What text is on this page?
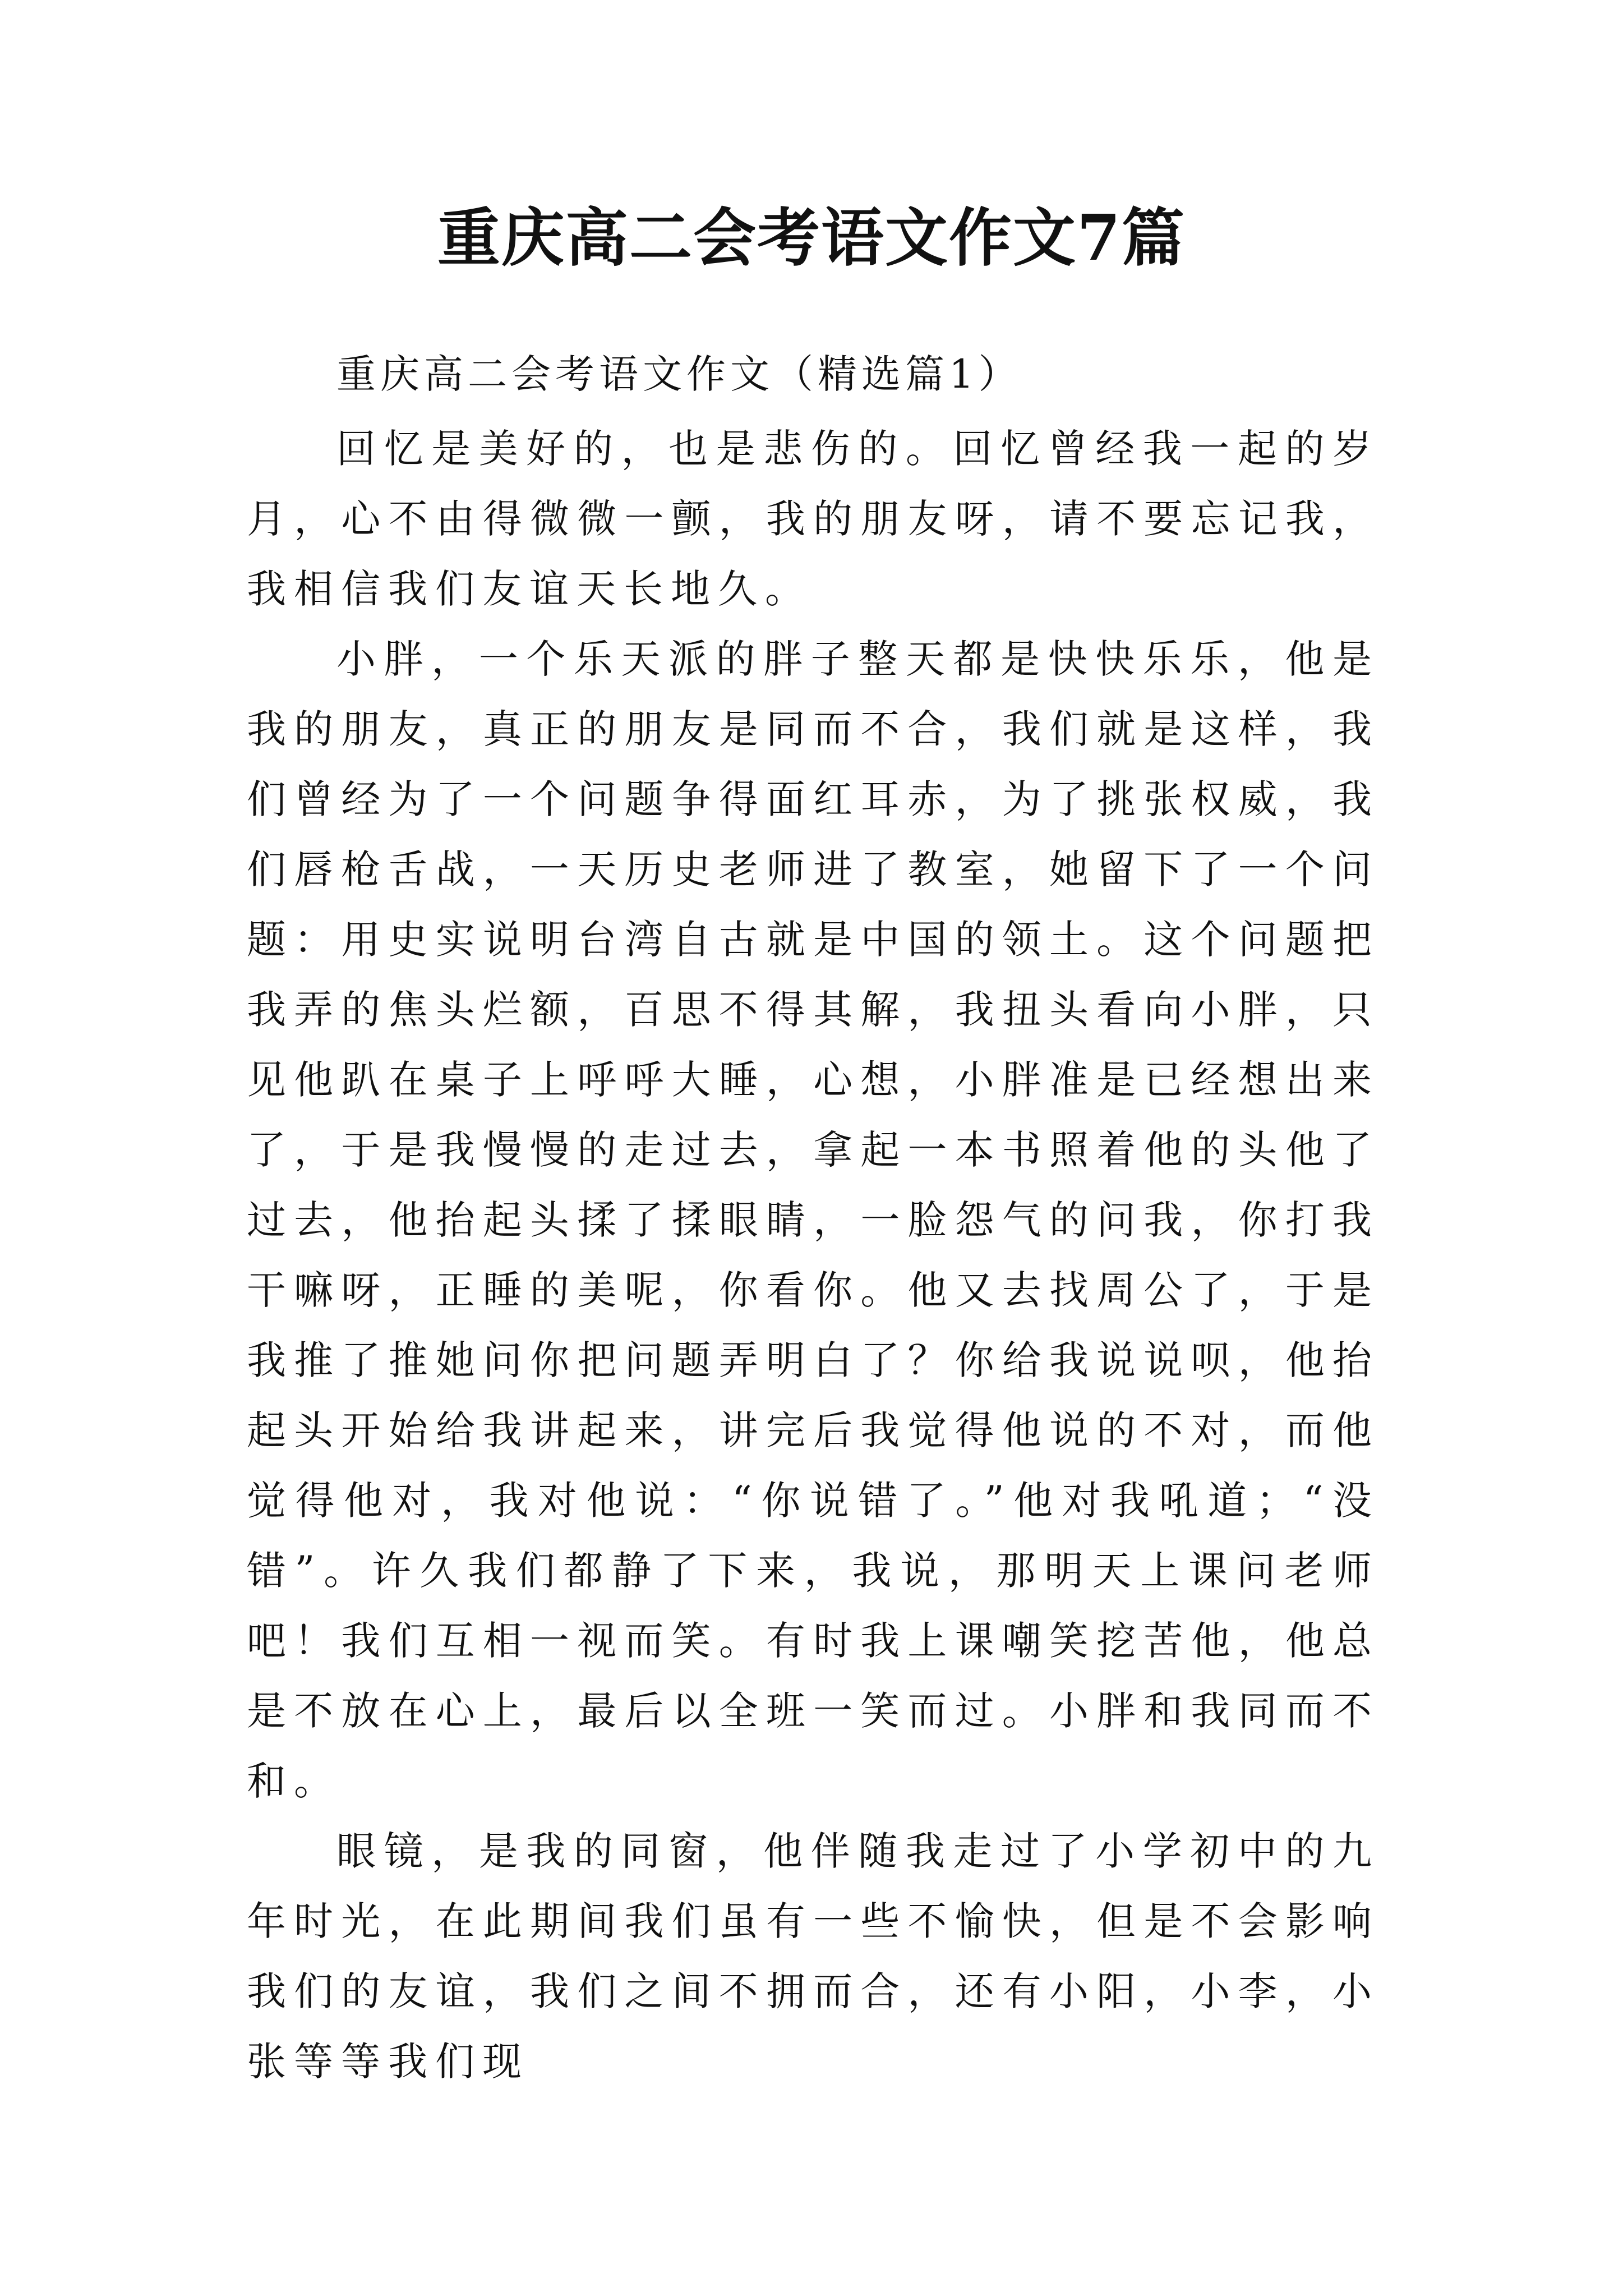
重庆高二会考语文作文7篇

重庆高二会考语文作文（精选篇1）

回忆是美好的，也是悲伤的。回忆曾经我一起的岁月，心不由得微微一颤，我的朋友呀，请不要忘记我，我相信我们友谊天长地久。

小胖，一个乐天派的胖子整天都是快快乐乐，他是我的朋友，真正的朋友是同而不合，我们就是这样，我们曾经为了一个问题争得面红耳赤，为了挑张权威，我们唇枪舌战，一天历史老师进了教室，她留下了一个问题：用史实说明台湾自古就是中国的领土。这个问题把我弄的焦头烂额，百思不得其解，我扭头看向小胖，只见他趴在桌子上呼呼大睡，心想，小胖准是已经想出来了，于是我慢慢的走过去，拿起一本书照着他的头他了过去，他抬起头揉了揉眼睛，一脸怨气的问我，你打我干嘛呀，正睡的美呢，你看你。他又去找周公了，于是我推了推她问你把问题弄明白了？你给我说说呗，他抬起头开始给我讲起来，讲完后我觉得他说的不对，而他觉得他对，我对他说：“你说错了。”他对我吼道；“没错”。许久我们都静了下来，我说，那明天上课问老师吧！我们互相一视而笑。有时我上课嘲笑挖苦他，他总是不放在心上，最后以全班一笑而过。小胖和我同而不和。

眼镜，是我的同窗，他伴随我走过了小学初中的九年时光，在此期间我们虽有一些不愉快，但是不会影响我们的友谊，我们之间不拥而合，还有小阳，小李，小张等等我们现
